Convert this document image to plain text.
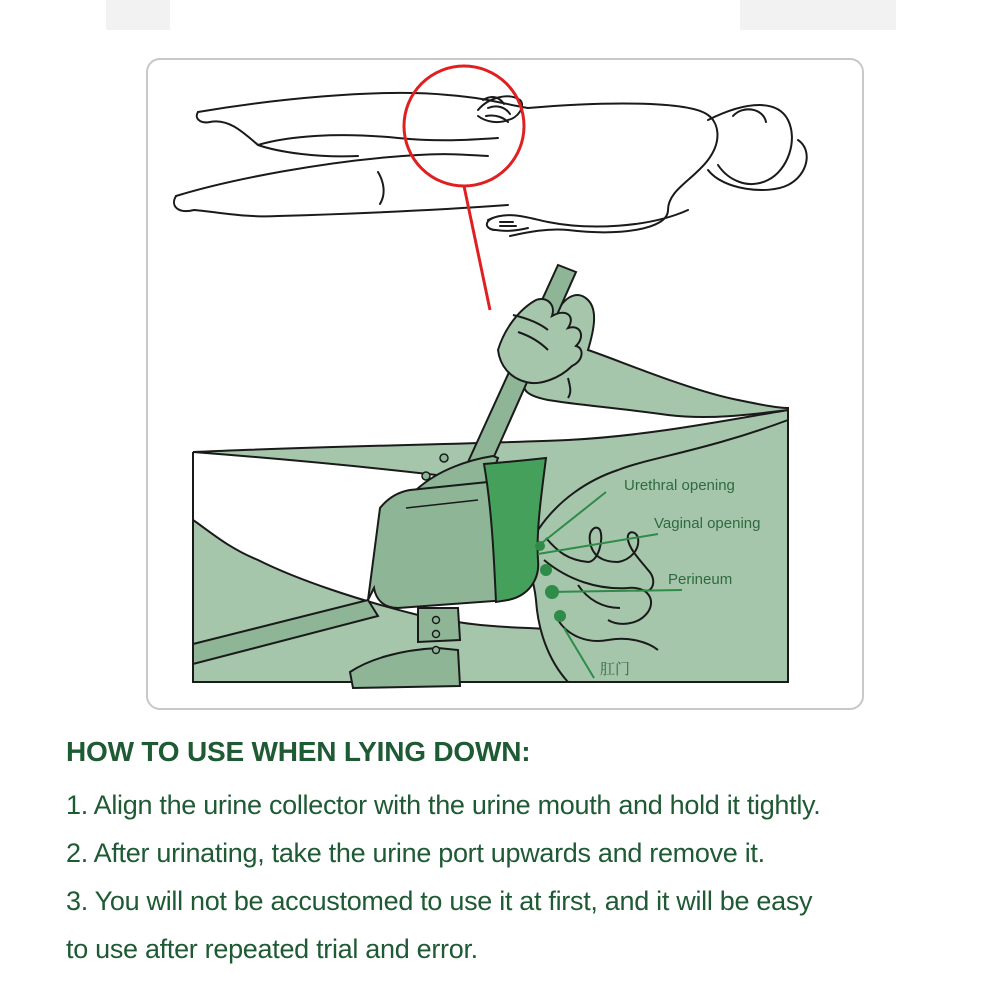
Urethral opening
Vaginal opening
Perineum
肛门

HOW TO USE WHEN LYING DOWN:

1. Align the urine collector with the urine mouth and hold it tightly.

2. After urinating, take the urine port upwards and remove it.

3. You will not be accustomed to use it at first, and it will be easy

to use after repeated trial and error.
